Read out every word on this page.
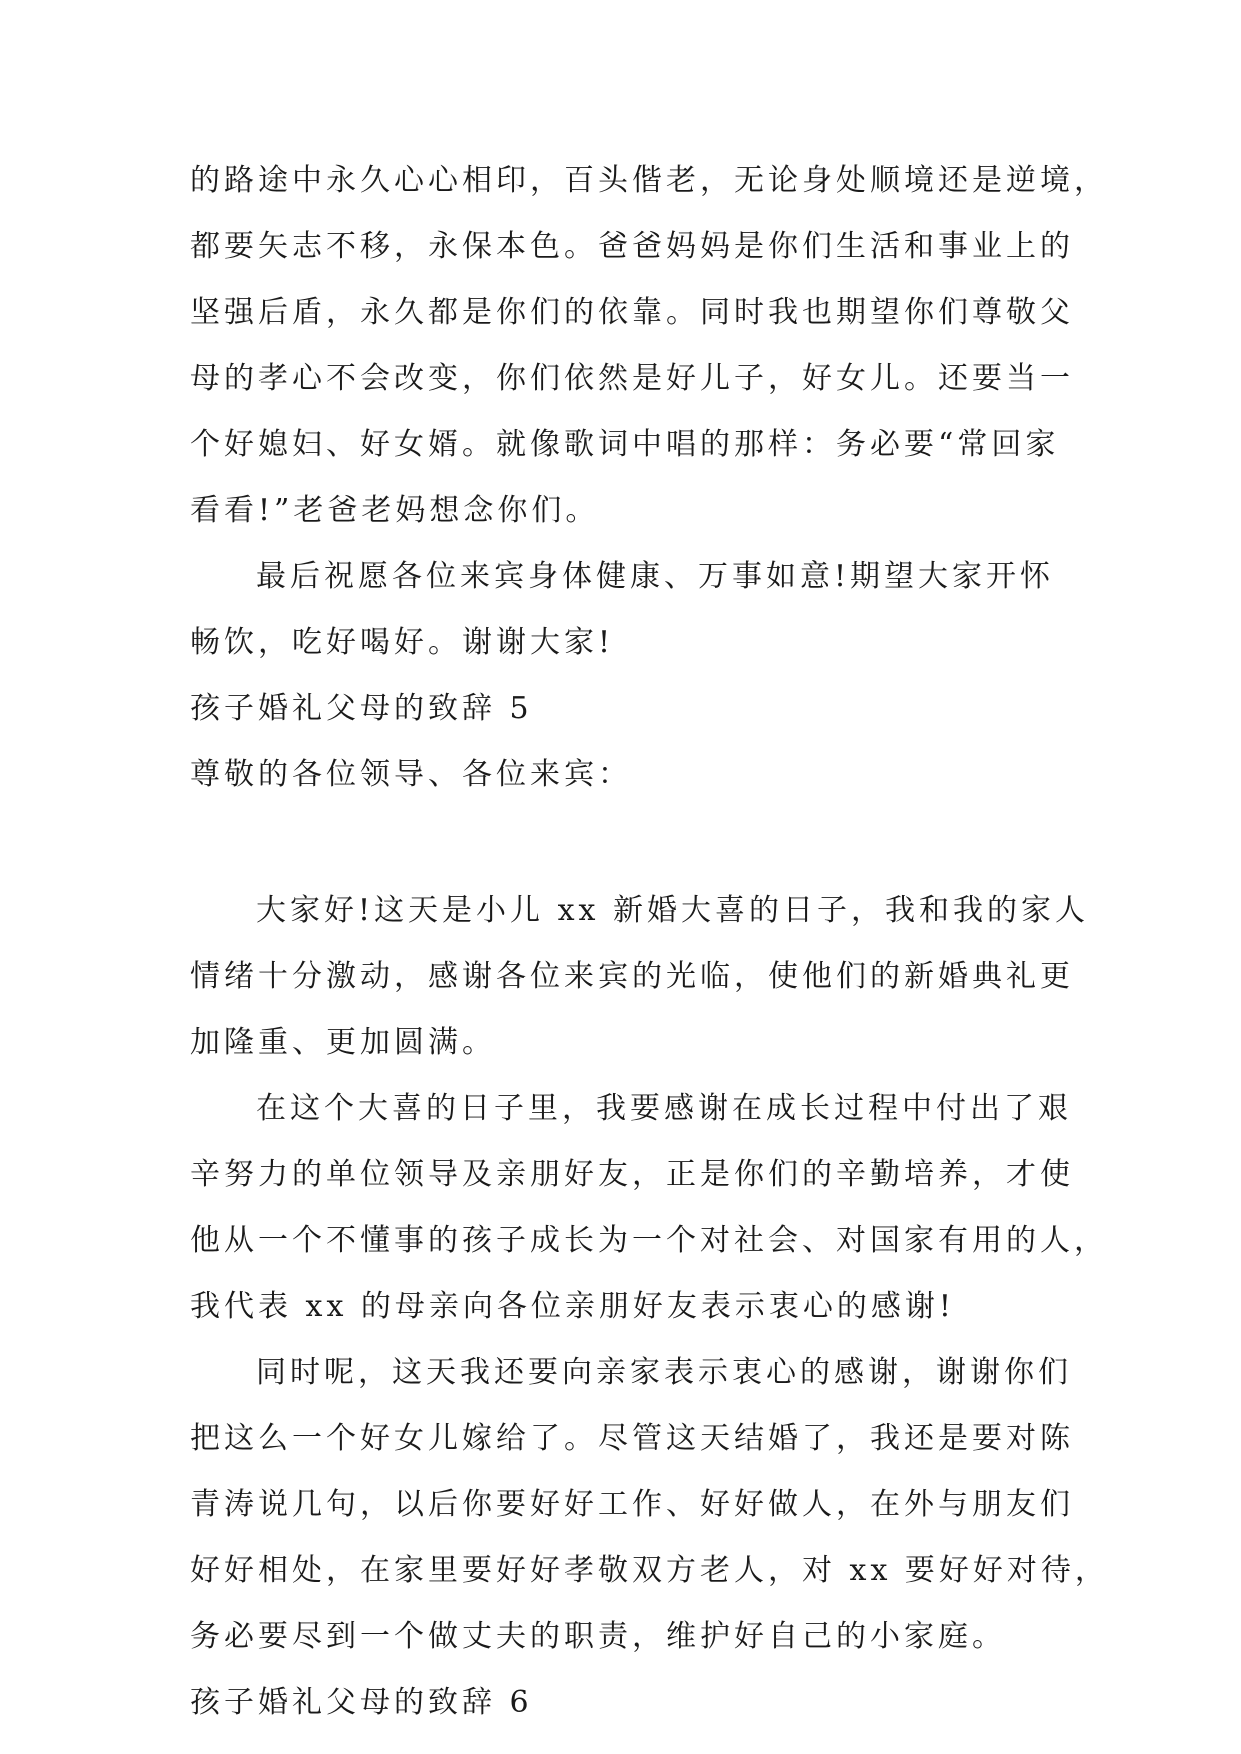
的路途中永久心心相印，百头偕老，无论身处顺境还是逆境，
都要矢志不移，永保本色。爸爸妈妈是你们生活和事业上的
坚强后盾，永久都是你们的依靠。同时我也期望你们尊敬父
母的孝心不会改变，你们依然是好儿子，好女儿。还要当一
个好媳妇、好女婿。就像歌词中唱的那样：务必要“常回家
看看!”老爸老妈想念你们。
最后祝愿各位来宾身体健康、万事如意!期望大家开怀
畅饮，吃好喝好。谢谢大家!
孩子婚礼父母的致辞 5
尊敬的各位领导、各位来宾：
大家好!这天是小儿 xx 新婚大喜的日子，我和我的家人
情绪十分激动，感谢各位来宾的光临，使他们的新婚典礼更
加隆重、更加圆满。
在这个大喜的日子里，我要感谢在成长过程中付出了艰
辛努力的单位领导及亲朋好友，正是你们的辛勤培养，才使
他从一个不懂事的孩子成长为一个对社会、对国家有用的人，
我代表 xx 的母亲向各位亲朋好友表示衷心的感谢!
同时呢，这天我还要向亲家表示衷心的感谢，谢谢你们
把这么一个好女儿嫁给了。尽管这天结婚了，我还是要对陈
青涛说几句，以后你要好好工作、好好做人，在外与朋友们
好好相处，在家里要好好孝敬双方老人，对 xx 要好好对待，
务必要尽到一个做丈夫的职责，维护好自己的小家庭。
孩子婚礼父母的致辞 6
